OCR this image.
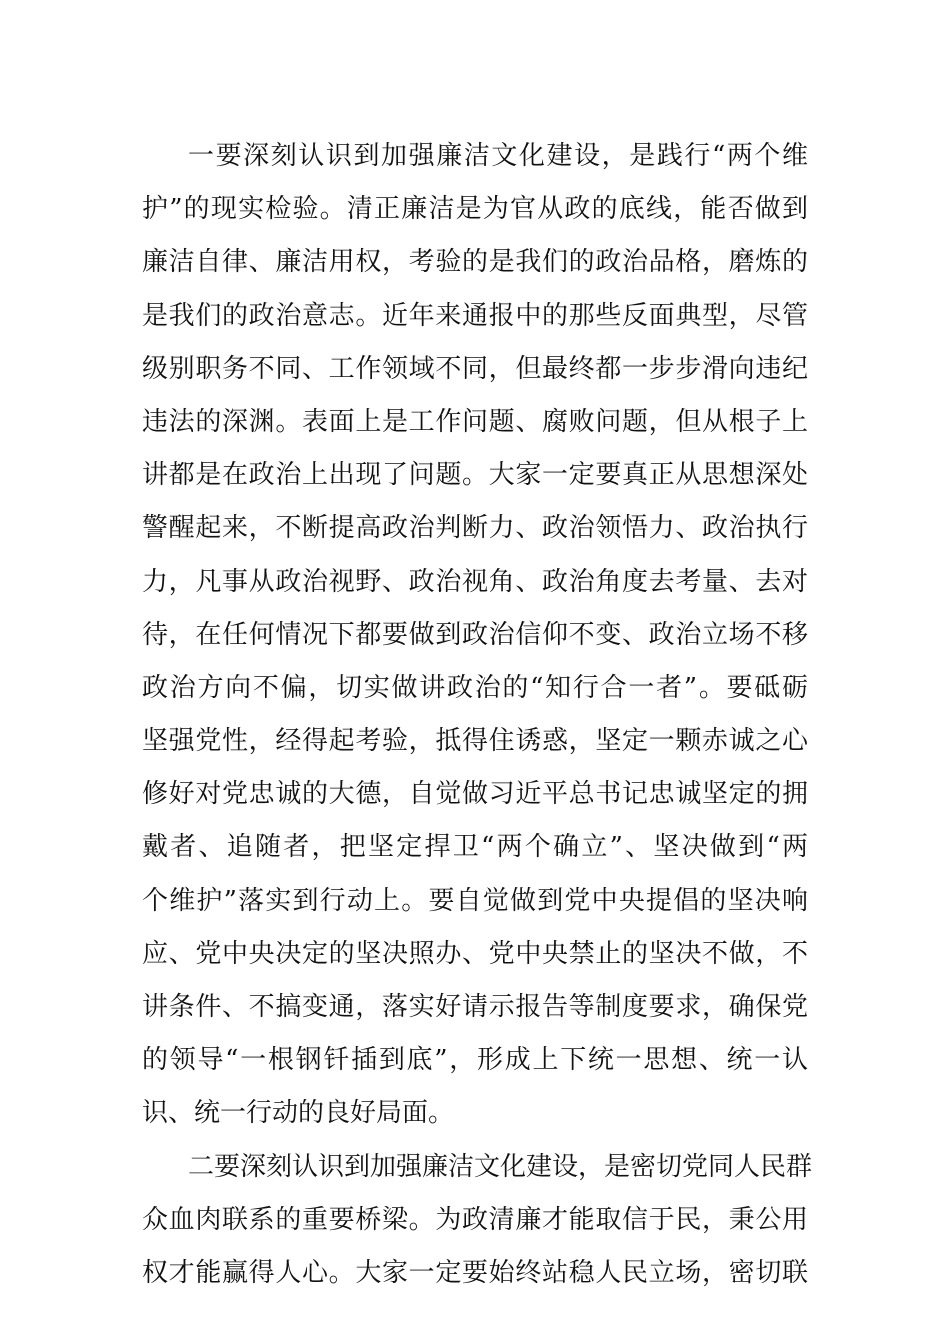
一要深刻认识到加强廉洁文化建设，是践行“两个维
护”的现实检验。清正廉洁是为官从政的底线，能否做到
廉洁自律、廉洁用权，考验的是我们的政治品格，磨炼的
是我们的政治意志。近年来通报中的那些反面典型，尽管
级别职务不同、工作领域不同，但最终都一步步滑向违纪
违法的深渊。表面上是工作问题、腐败问题，但从根子上
讲都是在政治上出现了问题。大家一定要真正从思想深处
警醒起来，不断提高政治判断力、政治领悟力、政治执行
力，凡事从政治视野、政治视角、政治角度去考量、去对
待，在任何情况下都要做到政治信仰不变、政治立场不移
政治方向不偏，切实做讲政治的“知行合一者”。要砥砺
坚强党性，经得起考验，抵得住诱惑，坚定一颗赤诚之心
修好对党忠诚的大德，自觉做习近平总书记忠诚坚定的拥
戴者、追随者，把坚定捍卫“两个确立”、坚决做到“两
个维护”落实到行动上。要自觉做到党中央提倡的坚决响
应、党中央决定的坚决照办、党中央禁止的坚决不做，不
讲条件、不搞变通，落实好请示报告等制度要求，确保党
的领导“一根钢钎插到底”，形成上下统一思想、统一认
识、统一行动的良好局面。
二要深刻认识到加强廉洁文化建设，是密切党同人民群
众血肉联系的重要桥梁。为政清廉才能取信于民，秉公用
权才能赢得人心。大家一定要始终站稳人民立场，密切联
